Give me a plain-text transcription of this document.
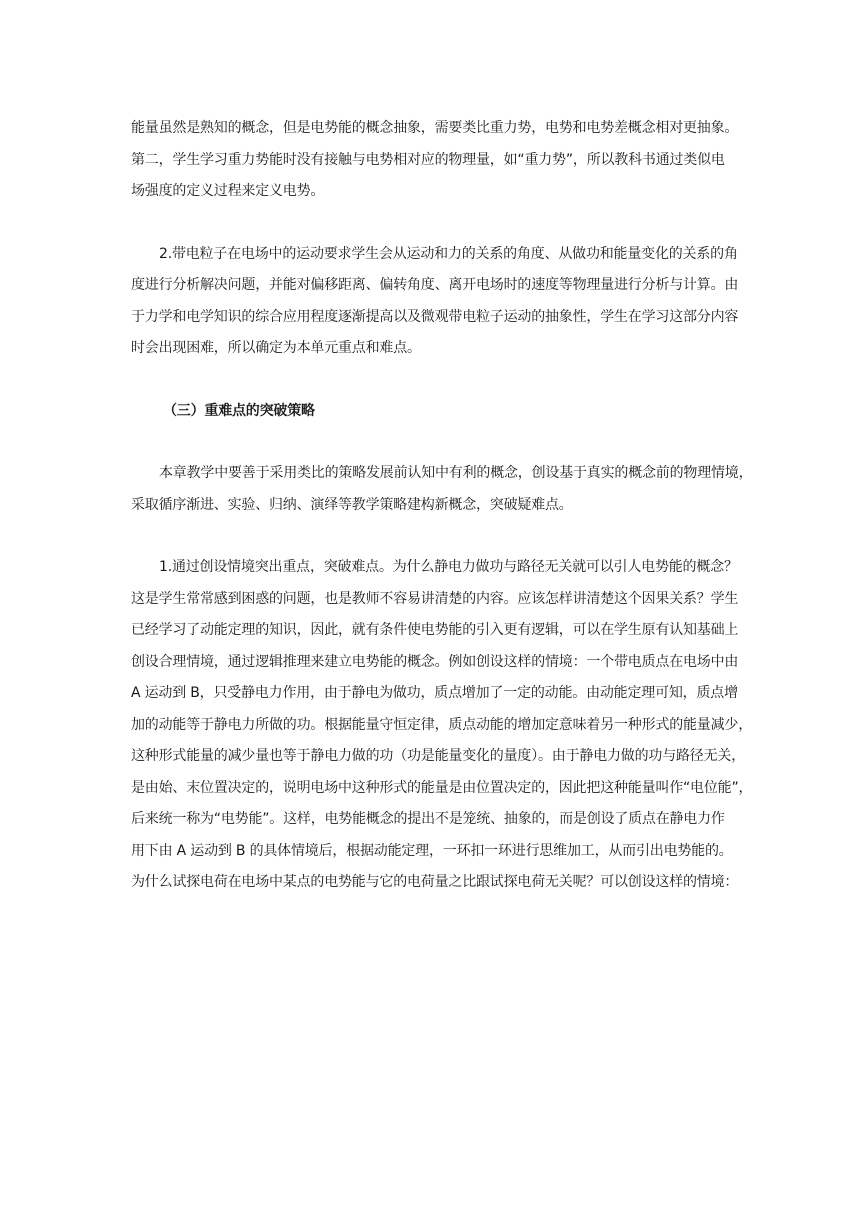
能量虽然是熟知的概念，但是电势能的概念抽象，需要类比重力势，电势和电势差概念相对更抽象。
第二，学生学习重力势能时没有接触与电势相对应的物理量，如“重力势”，所以教科书通过类似电
场强度的定义过程来定义电势。
2.带电粒子在电场中的运动要求学生会从运动和力的关系的角度、从做功和能量变化的关系的角
度进行分析解决问题，并能对偏移距离、偏转角度、离开电场时的速度等物理量进行分析与计算。由
于力学和电学知识的综合应用程度逐渐提高以及微观带电粒子运动的抽象性，学生在学习这部分内容
时会出现困难，所以确定为本单元重点和难点。
（三）重难点的突破策略
本章教学中要善于采用类比的策略发展前认知中有利的概念，创设基于真实的概念前的物理情境，
采取循序渐进、实验、归纳、演绎等教学策略建构新概念，突破疑难点。
1.通过创设情境突出重点，突破难点。为什么静电力做功与路径无关就可以引人电势能的概念？
这是学生常常感到困惑的问题，也是教师不容易讲清楚的内容。应该怎样讲清楚这个因果关系？学生
已经学习了动能定理的知识，因此，就有条件使电势能的引入更有逻辑，可以在学生原有认知基础上
创设合理情境，通过逻辑推理来建立电势能的概念。例如创设这样的情境：一个带电质点在电场中由
A 运动到 B，只受静电力作用，由于静电为做功，质点增加了一定的动能。由动能定理可知，质点增
加的动能等于静电力所做的功。根据能量守恒定律，质点动能的增加定意味着另一种形式的能量减少，
这种形式能量的减少量也等于静电力做的功（功是能量变化的量度）。由于静电力做的功与路径无关，
是由始、末位置决定的，说明电场中这种形式的能量是由位置决定的，因此把这种能量叫作“电位能”，
后来统一称为“电势能”。这样，电势能概念的提出不是笼统、抽象的，而是创设了质点在静电力作
用下由 A 运动到 B 的具体情境后，根据动能定理，一环扣一环进行思维加工，从而引出电势能的。
为什么试探电荷在电场中某点的电势能与它的电荷量之比跟试探电荷无关呢？可以创设这样的情境：
